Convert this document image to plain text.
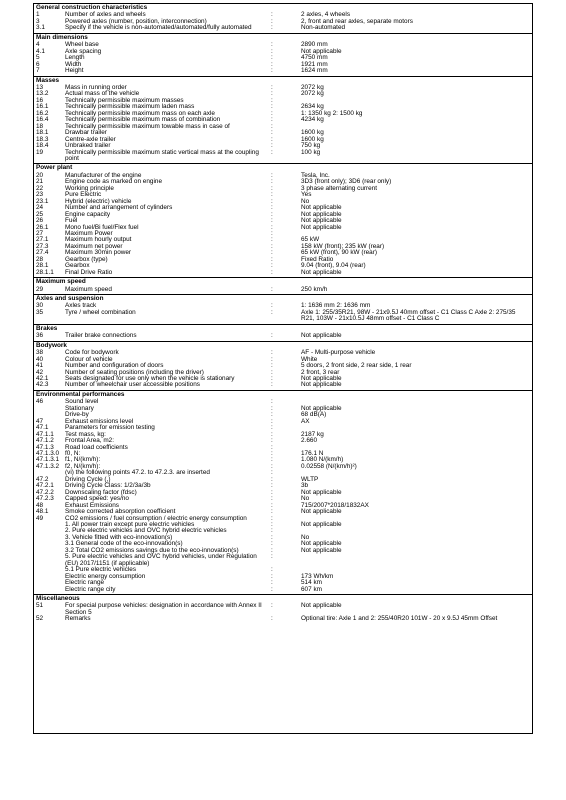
General construction characteristics
1	Number of axles and wheels	:	2 axles, 4 wheels
3	Powered axles (number, position, interconnection)	:	2, front and rear axles, separate motors
3.1	Specify if the vehicle is non-automated/automated/fully automated	:	Non-automated
Main dimensions
4	Wheel base	:	2890 mm
4.1	Axle spacing	:	Not applicable
5	Length	:	4750 mm
6	Width	:	1921 mm
7	Height	:	1624 mm
Masses
13	Mass in running order	:	2072 kg
13.2	Actual mass of the vehicle	:	2072 kg
16	Technically permissible maximum masses	:
16.1	Technically permissible maximum laden mass	:	2634 kg
16.2	Technically permissible maximum mass on each axle	:	1: 1350 kg 2: 1500 kg
16.4	Technically permissible maximum mass of combination	:	4234 kg
18	Technically permissible maximum towable mass in case of	:
18.1	Drawbar trailer	:	1600 kg
18.3	Centre-axle trailer	:	1600 kg
18.4	Unbraked trailer	:	750 kg
19	Technically permissible maximum static vertical mass at the coupling point
:	100 kg
Power plant
20	Manufacturer of the engine	:	Tesla, Inc.
21	Engine code as marked on engine	:	3D3 (front only); 3D6 (rear only)
22	Working principle	:	3 phase alternating current
23	Pure Electric	:	Yes
23.1	Hybrid (electric) vehicle	:	No
24	Number and arrangement of cylinders	:	Not applicable
25	Engine capacity	:	Not applicable
26	Fuel	:	Not applicable
26.1	Mono fuel/Bi fuel/Flex fuel	:	Not applicable
27	Maximum Power	:
27.1	Maximum hourly output	:	65 kW
27.3	Maximum net power	:	158 kW (front); 235 kW (rear)
27.4	Maximum 30min power	:	65 kW (front), 90 kW (rear)
28	Gearbox (type)	:	Fixed Ratio
28.1	Gearbox	:	9.04 (front), 9.04 (rear)
28.1.1	Final Drive Ratio	:	Not applicable
Maximum speed
29	Maximum speed	:	250 km/h
Axles and suspension
30	Axles track	:	1: 1636 mm 2: 1636 mm
35	Tyre / wheel combination	:	Axle 1: 255/35R21, 98W - 21x9.5J 40mm offset - C1 Class C Axle 2: 275/35 R21, 103W - 21x10.5J 48mm offset - C1 Class C
Brakes
36	Trailer brake connections	:	Not applicable
Bodywork
38	Code for bodywork	:	AF - Multi-purpose vehicle
40	Colour of vehicle	:	White
41	Number and configuration of doors	:	5 doors, 2 front side, 2 rear side, 1 rear
42	Number of seating positions (including the driver)	:	2 front, 3 rear
42.1	Seats designated for use only when the vehicle is stationary	:	Not applicable
42.3	Number of wheelchair user accessible positions	:	Not applicable
Environmental performances
46	Sound level	:
Stationary	:	Not applicable
Drive-by	:	68 dB(A)
47	Exhaust emissions level	:	AX
47.1	Parameters for emission testing	:
47.1.1	Test mass, kg:	:	2187 kg
47.1.2	Frontal Area, m2:	:	2.660
47.1.3	Road load coefficients	:
47.1.3.0 f0, N:	:	176.1 N
47.1.3.1 f1, N/(km/h):	:	1.080 N/(km/h)
47.1.3.2 f2, N/(km/h):	:	0.02558 (N/(km/h)²)
(vi) the following points 47.2. to 47.2.3. are inserted	:
47.2	Driving Cycle (,)	:	WLTP
47.2.1	Driving Cycle Class: 1/2/3a/3b	:	3b
47.2.2	Downscaling factor (fdsc)	:	Not applicable
47.2.3	Capped speed: yes/no	:	No
48	Exhaust Emissions	:	715/2007*2018/1832AX
48.1	Smoke corrected absorption coefficient	:	Not applicable
49	CO2 emissions / fuel consumption / electric energy consumption	:
1. All power train except pure electric vehicles	:	Not applicable
2. Pure electric vehicles and OVC hybrid electric vehicles	:
3. Vehicle fitted with eco-innovation(s)	:	No
3.1 General code of the eco-innovation(s)	:	Not applicable
3.2 Total CO2 emissions savings due to the eco-innovation(s)	:	Not applicable
5. Pure electric vehicles and OVC hybrid vehicles, under Regulation (EU) 2017/1151 (if applicable)
:
5.1 Pure electric vehicles	:
Electric energy consumption	:	173 Wh/km
Electric range	:	514 km
Electric range city	:	607 km
Miscellaneous
51	For special purpose vehicles: designation in accordance with Annex II Section 5
:	Not applicable
52	Remarks	:	Optional tire: Axle 1 and 2: 255/40R20 101W - 20 x 9.5J 45mm Offset
